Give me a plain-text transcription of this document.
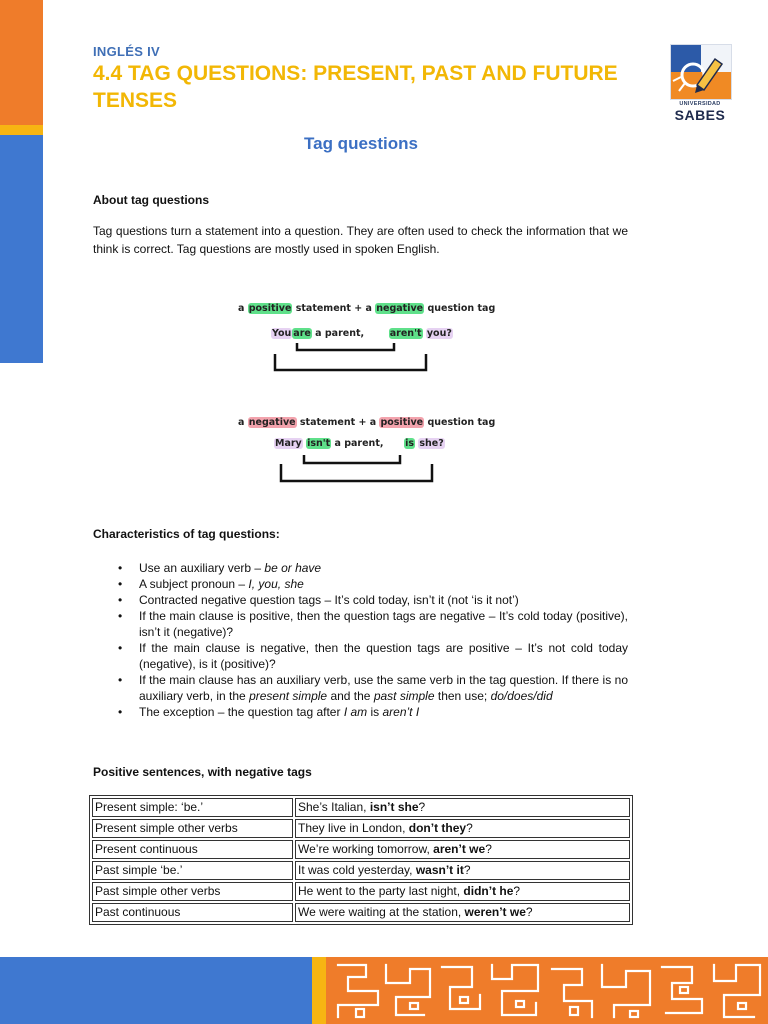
INGLÉS IV
4.4 TAG QUESTIONS: PRESENT, PAST AND FUTURE TENSES	UNIVERSIDAD
SABES
Tag questions
About tag questions
Tag questions turn a statement into a question. They are often used to check the information that we think is correct. Tag questions are mostly used in spoken English.
a positive statement + a negative question tag
You are a parent,	aren't you?
a negative statement + a positive question tag
Mary isn't a parent, is she?
Characteristics of tag questions:
• Use an auxiliary verb – be or have
• A subject pronoun – I, you, she
• Contracted negative question tags – It’s cold today, isn’t it (not ‘is it not’)
• If the main clause is positive, then the question tags are negative – It’s cold today (positive), isn’t it (negative)?
• If the main clause is negative, then the question tags are positive – It’s not cold today (negative), is it (positive)?
• If the main clause has an auxiliary verb, use the same verb in the tag question. If there is no auxiliary verb, in the present simple and the past simple then use; do/does/did
• The exception – the question tag after I am is aren’t I
Positive sentences, with negative tags
Present simple: ‘be.’	She’s Italian, isn’t she?
Present simple other verbs	They live in London, don’t they?
Present continuous	We’re working tomorrow, aren’t we?
Past simple ‘be.’	It was cold yesterday, wasn’t it?
Past simple other verbs	He went to the party last night, didn’t he?
Past continuous	We were waiting at the station, weren’t we?
